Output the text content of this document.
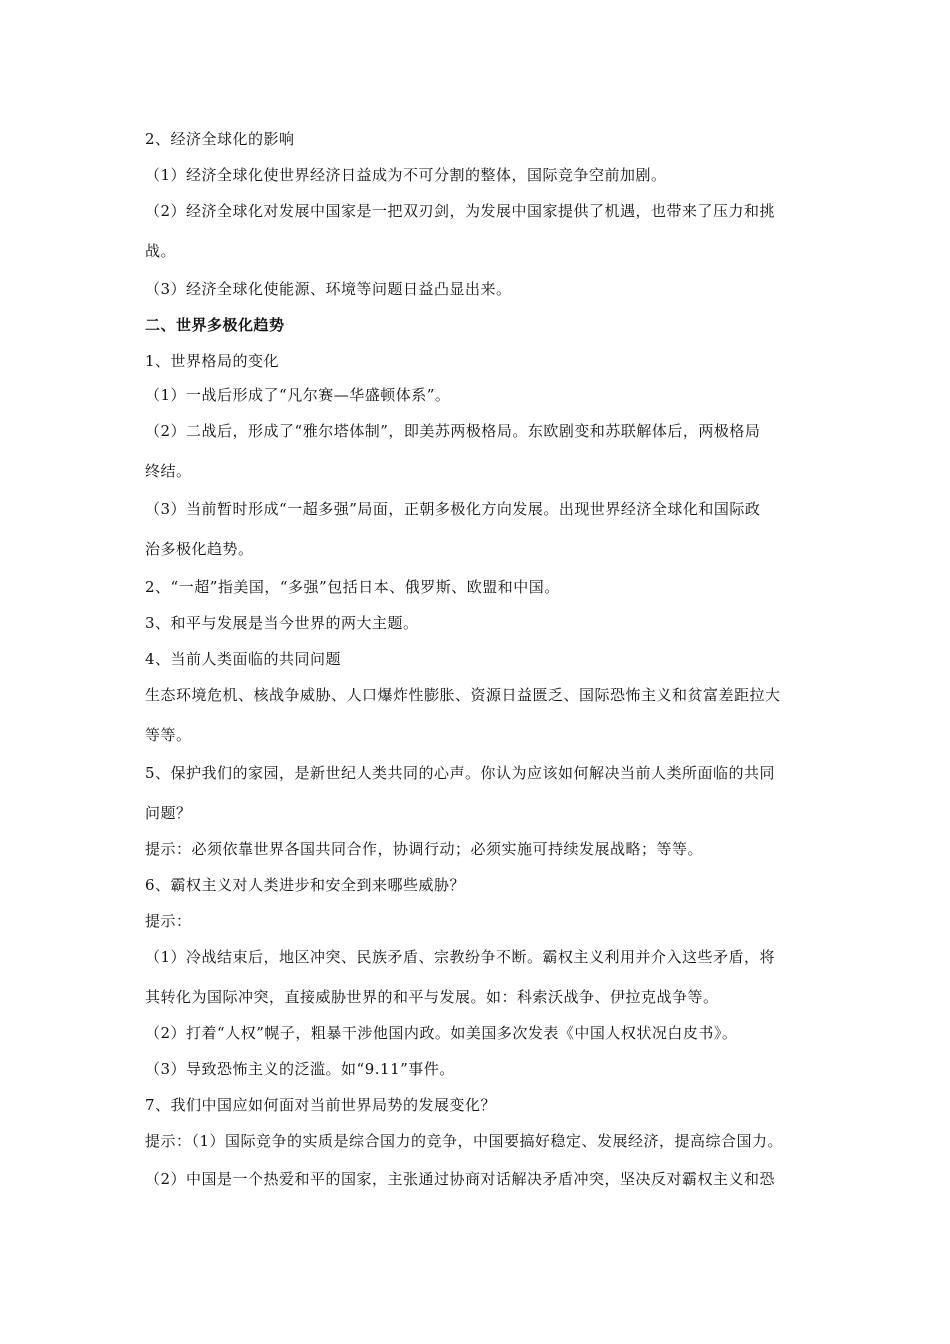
2、经济全球化的影响
（1）经济全球化使世界经济日益成为不可分割的整体，国际竞争空前加剧。
（2）经济全球化对发展中国家是一把双刃剑，为发展中国家提供了机遇，也带来了压力和挑
战。
（3）经济全球化使能源、环境等问题日益凸显出来。
二、世界多极化趋势
1、世界格局的变化
（1）一战后形成了“凡尔赛—华盛顿体系”。
（2）二战后，形成了“雅尔塔体制”，即美苏两极格局。东欧剧变和苏联解体后，两极格局
终结。
（3）当前暂时形成“一超多强”局面，正朝多极化方向发展。出现世界经济全球化和国际政
治多极化趋势。
2、“一超”指美国，“多强”包括日本、俄罗斯、欧盟和中国。
3、和平与发展是当今世界的两大主题。
4、当前人类面临的共同问题
生态环境危机、核战争威胁、人口爆炸性膨胀、资源日益匮乏、国际恐怖主义和贫富差距拉大
等等。
5、保护我们的家园，是新世纪人类共同的心声。你认为应该如何解决当前人类所面临的共同
问题？
提示：必须依靠世界各国共同合作，协调行动；必须实施可持续发展战略；等等。
6、霸权主义对人类进步和安全到来哪些威胁？
提示：
（1）冷战结束后，地区冲突、民族矛盾、宗教纷争不断。霸权主义利用并介入这些矛盾，将
其转化为国际冲突，直接威胁世界的和平与发展。如：科索沃战争、伊拉克战争等。
（2）打着“人权”幌子，粗暴干涉他国内政。如美国多次发表《中国人权状况白皮书》。
（3）导致恐怖主义的泛滥。如“9.11”事件。
7、我们中国应如何面对当前世界局势的发展变化？
提示：（1）国际竞争的实质是综合国力的竞争，中国要搞好稳定、发展经济，提高综合国力。
（2）中国是一个热爱和平的国家，主张通过协商对话解决矛盾冲突，坚决反对霸权主义和恐
